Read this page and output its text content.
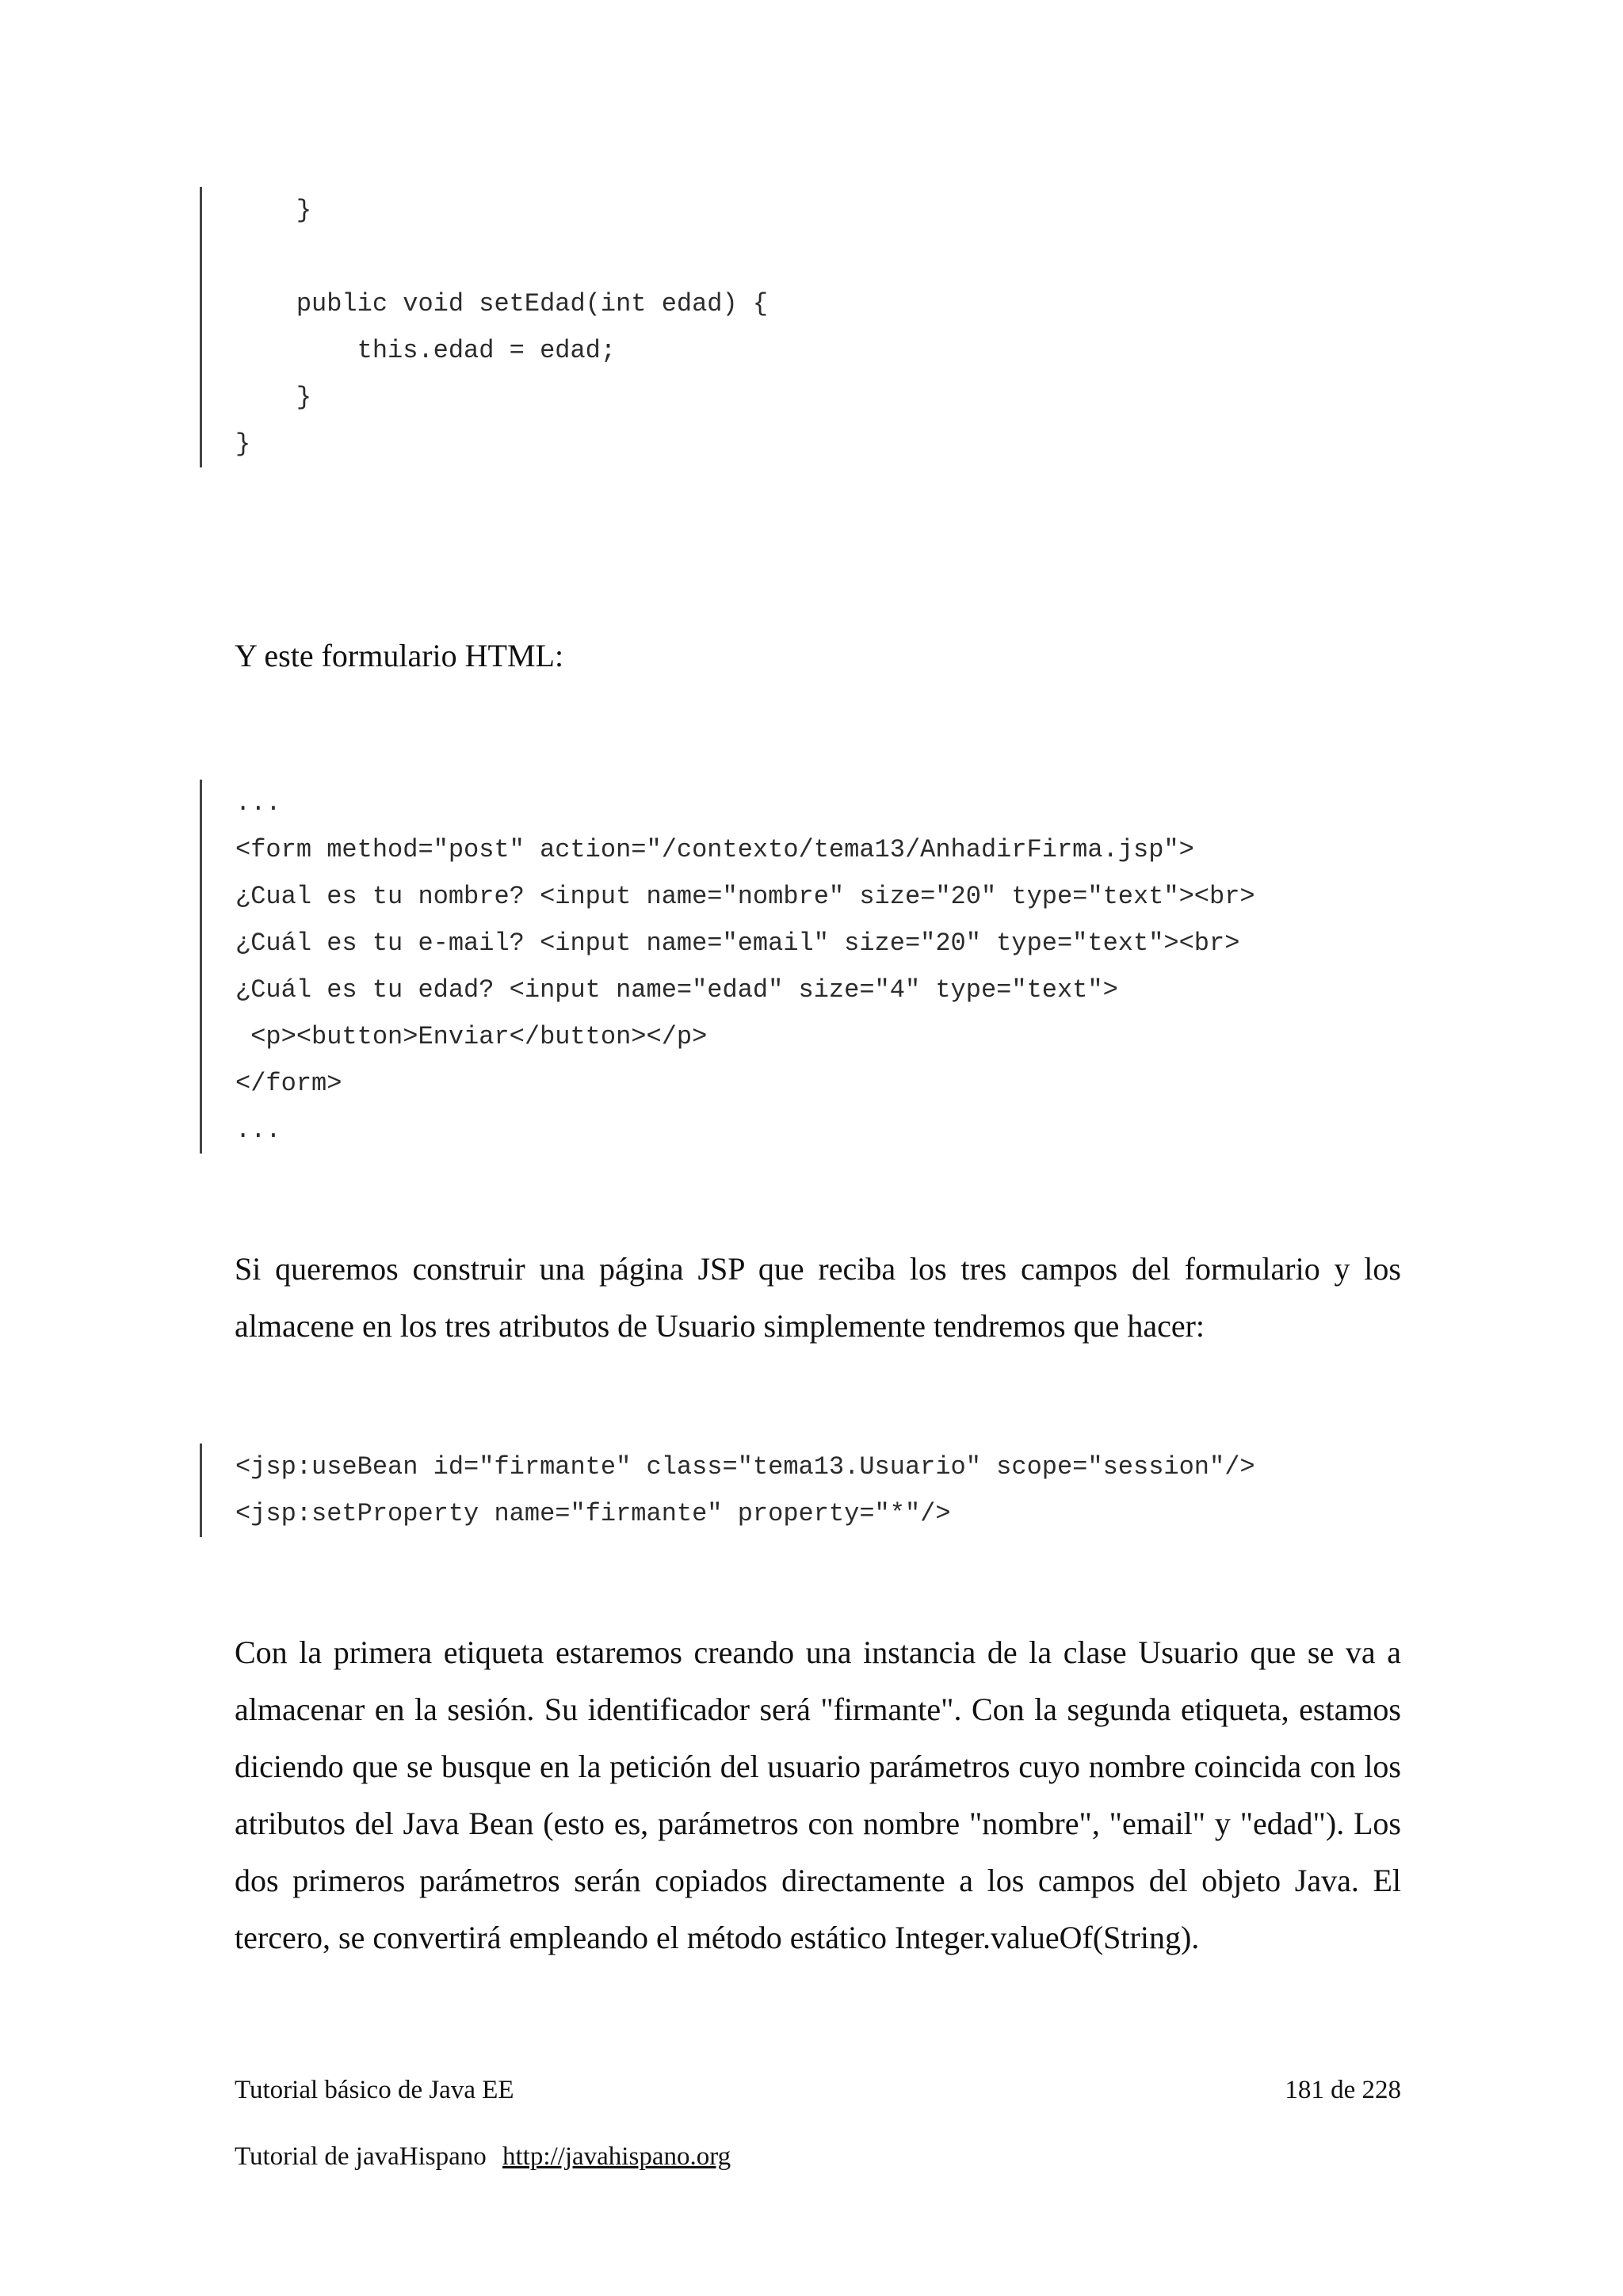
}
public void setEdad(int edad) {
this.edad = edad;
}
}

Y este formulario HTML:

...
<form method="post" action="/contexto/tema13/AnhadirFirma.jsp">
¿Cual es tu nombre? <input name="nombre" size="20" type="text"><br>
¿Cuál es tu e-mail? <input name="email" size="20" type="text"><br>
¿Cuál es tu edad? <input name="edad" size="4" type="text">
<p><button>Enviar</button></p>
</form>
...

Si queremos construir una página JSP que reciba los tres campos del formulario y los almacene en los tres atributos de Usuario simplemente tendremos que hacer:

<jsp:useBean id="firmante" class="tema13.Usuario" scope="session"/>
<jsp:setProperty name="firmante" property="*"/>

Con la primera etiqueta estaremos creando una instancia de la clase Usuario que se va a almacenar en la sesión. Su identificador será "firmante". Con la segunda etiqueta, estamos diciendo que se busque en la petición del usuario parámetros cuyo nombre coincida con los atributos del Java Bean (esto es, parámetros con nombre "nombre", "email" y "edad"). Los dos primeros parámetros serán copiados directamente a los campos del objeto Java. El tercero, se convertirá empleando el método estático Integer.valueOf(String).

Tutorial básico de Java EE	181 de 228
Tutorial de javaHispano http://javahispano.org
